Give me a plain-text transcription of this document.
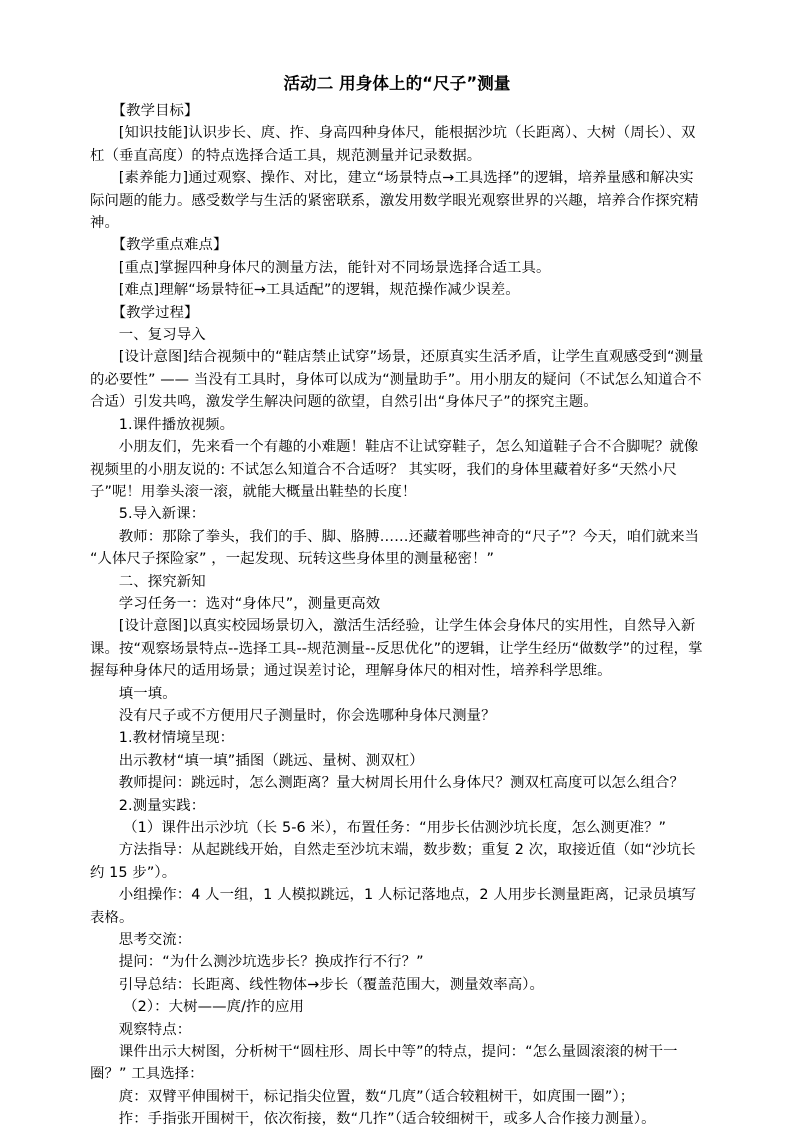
活动二 用身体上的“尺子”测量

【教学目标】

[知识技能]认识步长、庹、拃、身高四种身体尺，能根据沙坑（长距离）、大树（周长）、双杠（垂直高度）的特点选择合适工具，规范测量并记录数据。

[素养能力]通过观察、操作、对比，建立“场景特点→工具选择”的逻辑，培养量感和解决实际问题的能力。感受数学与生活的紧密联系，激发用数学眼光观察世界的兴趣，培养合作探究精神。

【教学重点难点】

[重点]掌握四种身体尺的测量方法，能针对不同场景选择合适工具。

[难点]理解“场景特征→工具适配”的逻辑，规范操作减少误差。

【教学过程】

一、复习导入

[设计意图]结合视频中的“鞋店禁止试穿”场景，还原真实生活矛盾，让学生直观感受到“测量的必要性” —— 当没有工具时，身体可以成为“测量助手”。用小朋友的疑问（不试怎么知道合不合适）引发共鸣，激发学生解决问题的欲望，自然引出“身体尺子”的探究主题。

1.课件播放视频。

小朋友们，先来看一个有趣的小难题！鞋店不让试穿鞋子，怎么知道鞋子合不合脚呢？就像视频里的小朋友说的: 不试怎么知道合不合适呀？ 其实呀，我们的身体里藏着好多“天然小尺子”呢！用拳头滚一滚，就能大概量出鞋垫的长度！

5.导入新课：

教师：那除了拳头，我们的手、脚、胳膊……还藏着哪些神奇的“尺子”？今天，咱们就来当 “人体尺子探险家” ，一起发现、玩转这些身体里的测量秘密！”

二、探究新知

学习任务一：选对“身体尺”，测量更高效

[设计意图]以真实校园场景切入，激活生活经验，让学生体会身体尺的实用性，自然导入新课。按“观察场景特点--选择工具--规范测量--反思优化”的逻辑，让学生经历“做数学”的过程，掌握每种身体尺的适用场景；通过误差讨论，理解身体尺的相对性，培养科学思维。

填一填。

没有尺子或不方便用尺子测量时，你会选哪种身体尺测量？

1.教材情境呈现：

出示教材“填一填”插图（跳远、量树、测双杠）

教师提问：跳远时，怎么测距离？量大树周长用什么身体尺？测双杠高度可以怎么组合？

2.测量实践：

（1）课件出示沙坑（长 5-6 米），布置任务：“用步长估测沙坑长度，怎么测更准？”

方法指导：从起跳线开始，自然走至沙坑末端，数步数；重复 2 次，取接近值（如“沙坑长约 15 步”）。

小组操作：4 人一组，1 人模拟跳远，1 人标记落地点，2 人用步长测量距离，记录员填写表格。

思考交流：

提问：“为什么测沙坑选步长？换成拃行不行？”

引导总结：长距离、线性物体→步长（覆盖范围大，测量效率高）。

（2）：大树——庹/拃的应用

观察特点：

课件出示大树图，分析树干“圆柱形、周长中等”的特点，提问：“怎么量圆滚滚的树干一圈？” 工具选择：

庹：双臂平伸围树干，标记指尖位置，数“几庹”（适合较粗树干，如庹围一圈”）；

拃：手指张开围树干，依次衔接，数“几拃”（适合较细树干，或多人合作接力测量）。
